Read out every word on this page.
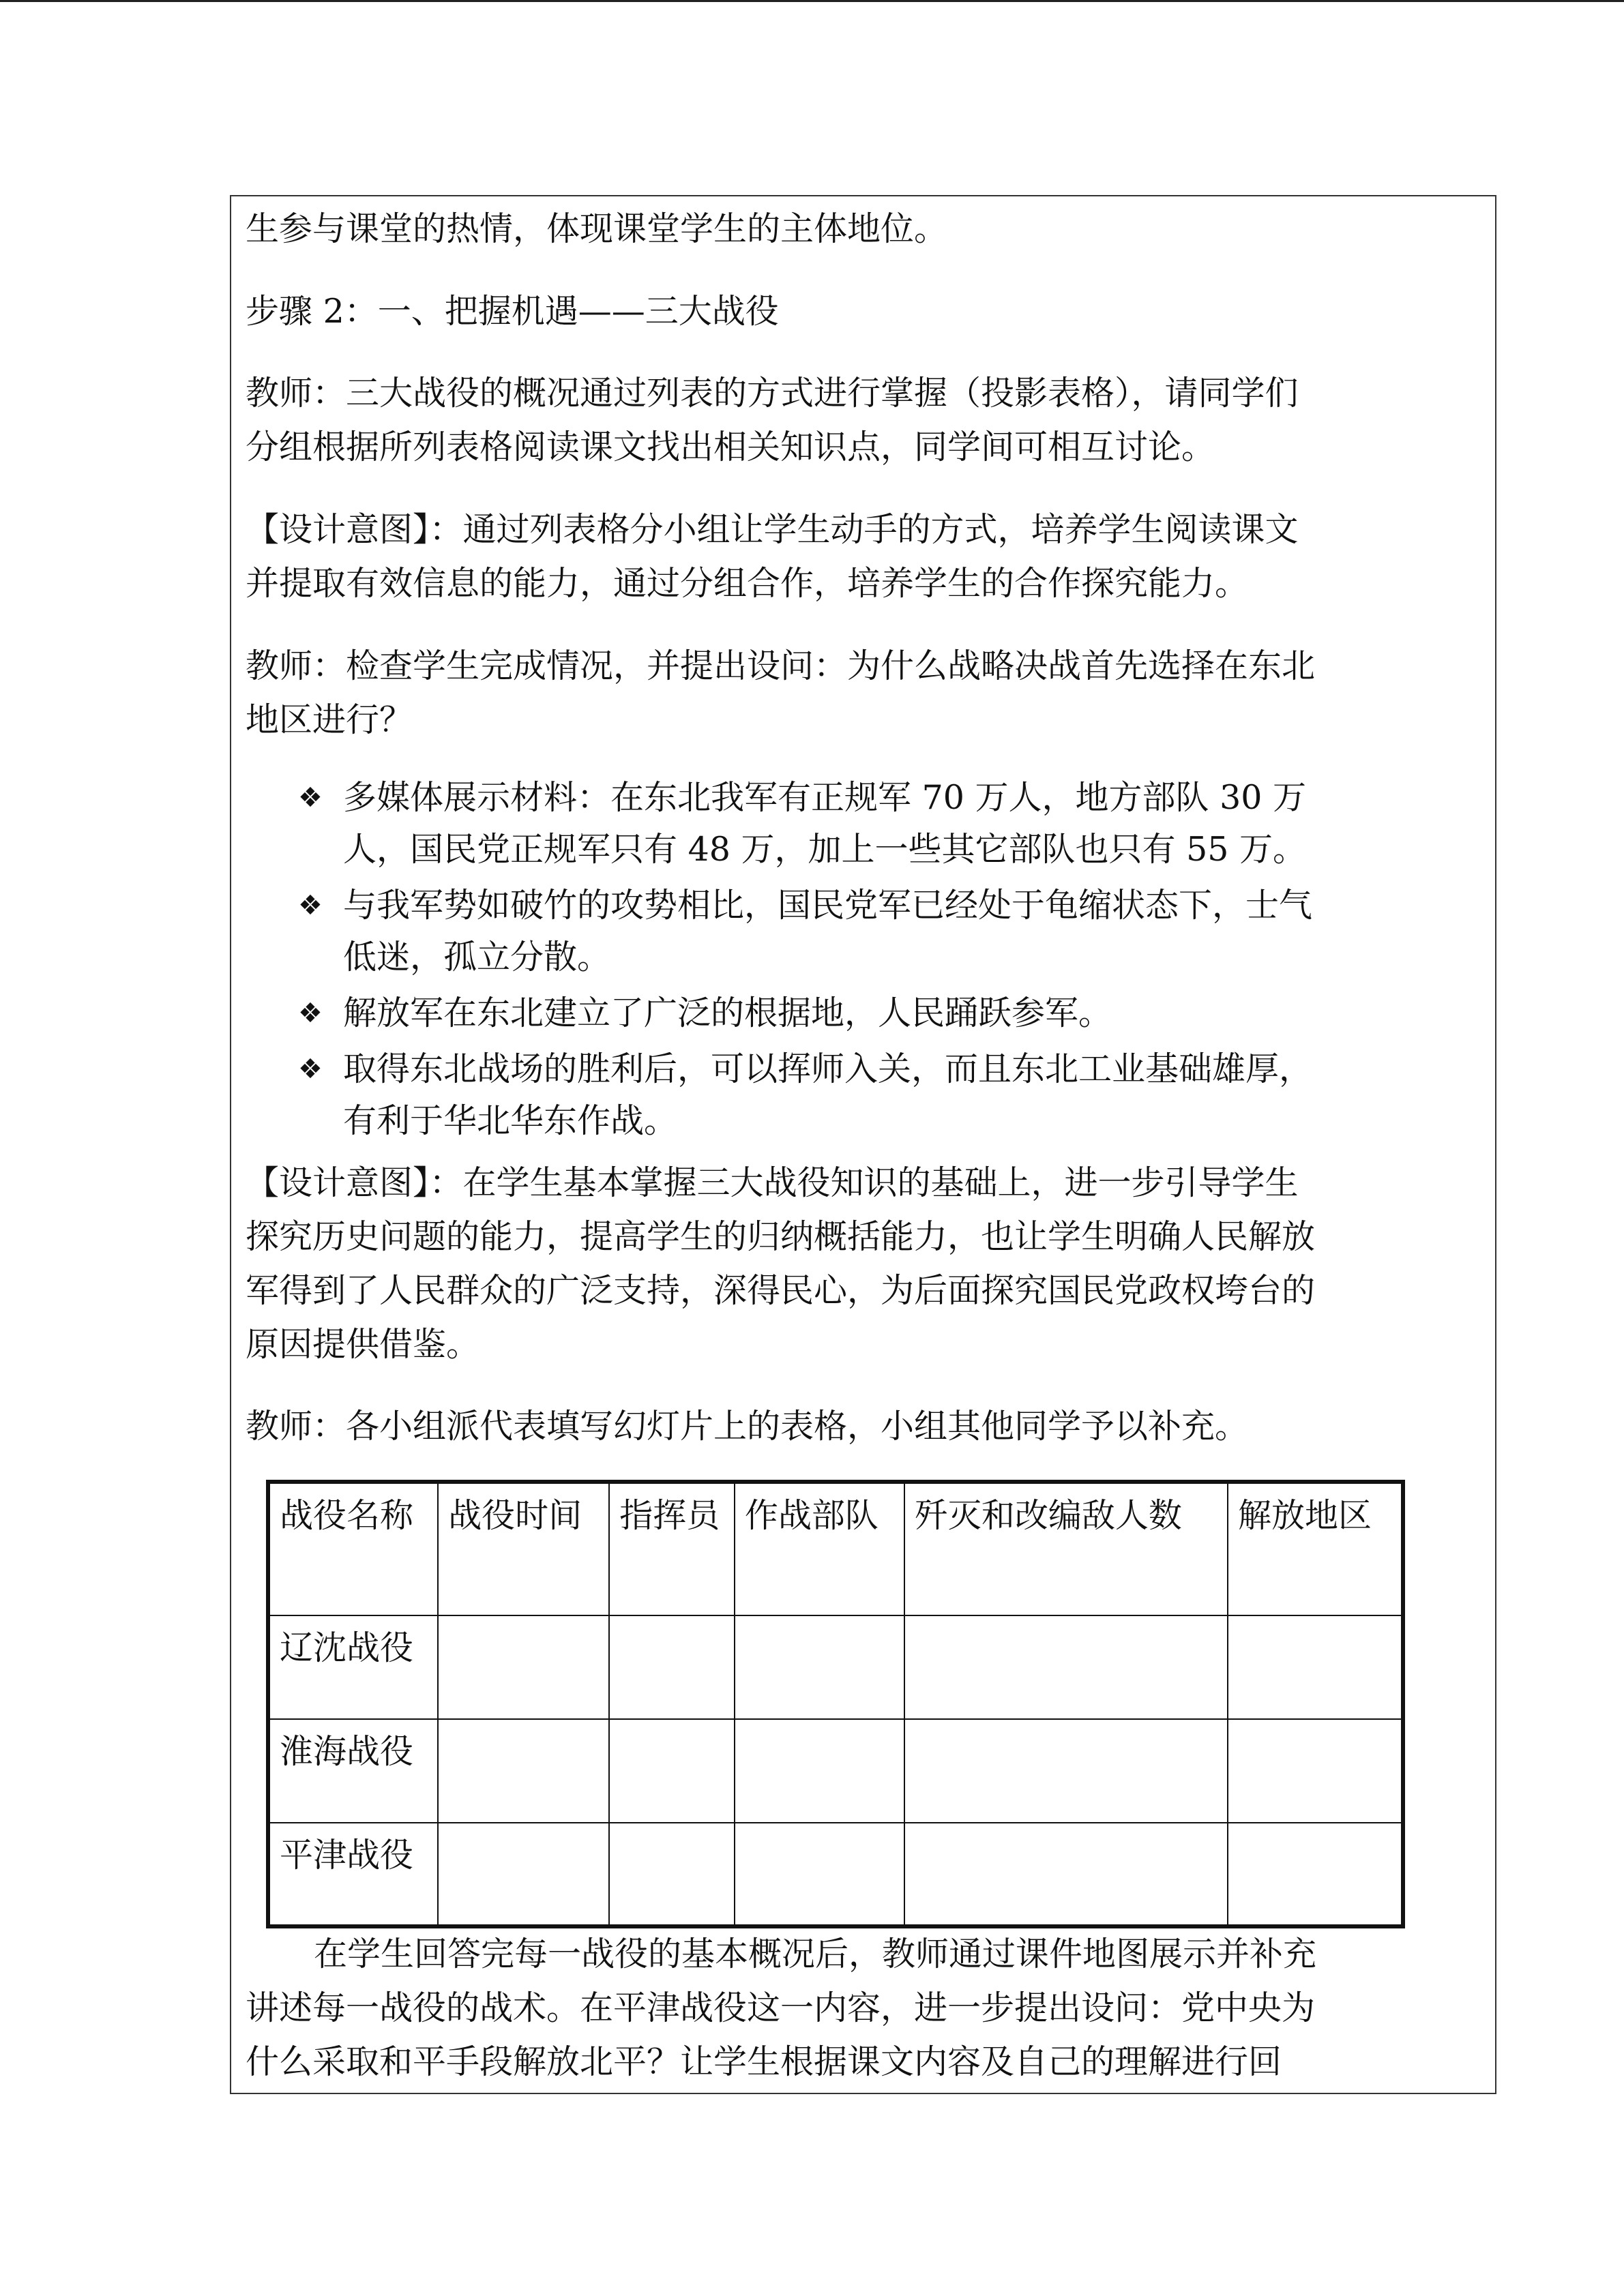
生参与课堂的热情，体现课堂学生的主体地位。

步骤 2：一、把握机遇——三大战役

教师：三大战役的概况通过列表的方式进行掌握（投影表格），请同学们

分组根据所列表格阅读课文找出相关知识点，同学间可相互讨论。

【设计意图】：通过列表格分小组让学生动手的方式，培养学生阅读课文

并提取有效信息的能力，通过分组合作，培养学生的合作探究能力。

教师：检查学生完成情况，并提出设问：为什么战略决战首先选择在东北

地区进行？

❖ 多媒体展示材料：在东北我军有正规军 70 万人，地方部队 30 万
人，国民党正规军只有 48 万，加上一些其它部队也只有 55 万。
❖ 与我军势如破竹的攻势相比，国民党军已经处于龟缩状态下，士气
低迷，孤立分散。
❖ 解放军在东北建立了广泛的根据地，人民踊跃参军。
❖ 取得东北战场的胜利后，可以挥师入关，而且东北工业基础雄厚，
有利于华北华东作战。

【设计意图】：在学生基本掌握三大战役知识的基础上，进一步引导学生

探究历史问题的能力，提高学生的归纳概括能力，也让学生明确人民解放

军得到了人民群众的广泛支持，深得民心，为后面探究国民党政权垮台的

原因提供借鉴。

教师：各小组派代表填写幻灯片上的表格，小组其他同学予以补充。

战役名称	战役时间	指挥员	作战部队	歼灭和改编敌人数	解放地区
辽沈战役					
淮海战役					
平津战役					

在学生回答完每一战役的基本概况后，教师通过课件地图展示并补充

讲述每一战役的战术。在平津战役这一内容，进一步提出设问：党中央为

什么采取和平手段解放北平？让学生根据课文内容及自己的理解进行回
